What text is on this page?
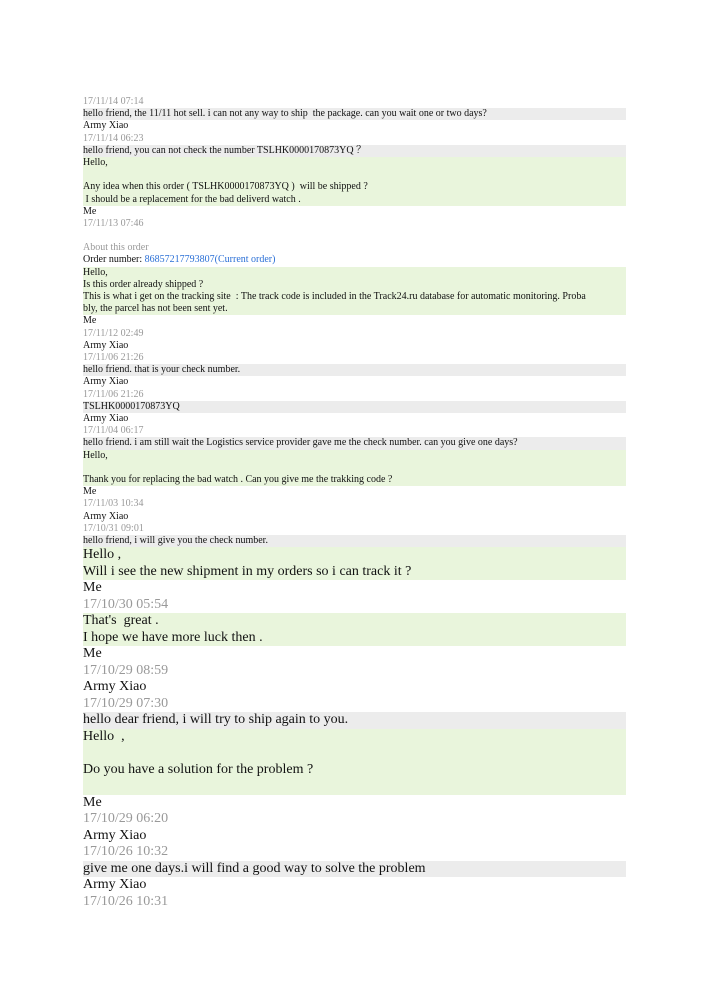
17/11/14 07:14
hello friend, the 11/11 hot sell. i can not any way to ship  the package. can you wait one or two days?
Army Xiao
17/11/14 06:23
hello friend, you can not check the number TSLHK0000170873YQ ？
Hello,

Any idea when this order ( TSLHK0000170873YQ )  will be shipped ?
I should be a replacement for the bad deliverd watch .
Me
17/11/13 07:46
About this order
Order number: 86857217793807(Current order)
Hello,
Is this order already shipped ?
This is what i get on the tracking site  : The track code is included in the Track24.ru database for automatic monitoring. Proba
bly, the parcel has not been sent yet.
Me
17/11/12 02:49
Army Xiao
17/11/06 21:26
hello friend. that is your check number.
Army Xiao
17/11/06 21:26
TSLHK0000170873YQ
Army Xiao
17/11/04 06:17
hello friend. i am still wait the Logistics service provider gave me the check number. can you give one days?
Hello,

Thank you for replacing the bad watch . Can you give me the trakking code ?
Me
17/11/03 10:34
Army Xiao
17/10/31 09:01
hello friend, i will give you the check number.
Hello ,
Will i see the new shipment in my orders so i can track it ?
Me
17/10/30 05:54
That's  great .
I hope we have more luck then .
Me
17/10/29 08:59
Army Xiao
17/10/29 07:30
hello dear friend, i will try to ship again to you.
Hello  ,

Do you have a solution for the problem ?

Me
17/10/29 06:20
Army Xiao
17/10/26 10:32
give me one days.i will find a good way to solve the problem
Army Xiao
17/10/26 10:31
